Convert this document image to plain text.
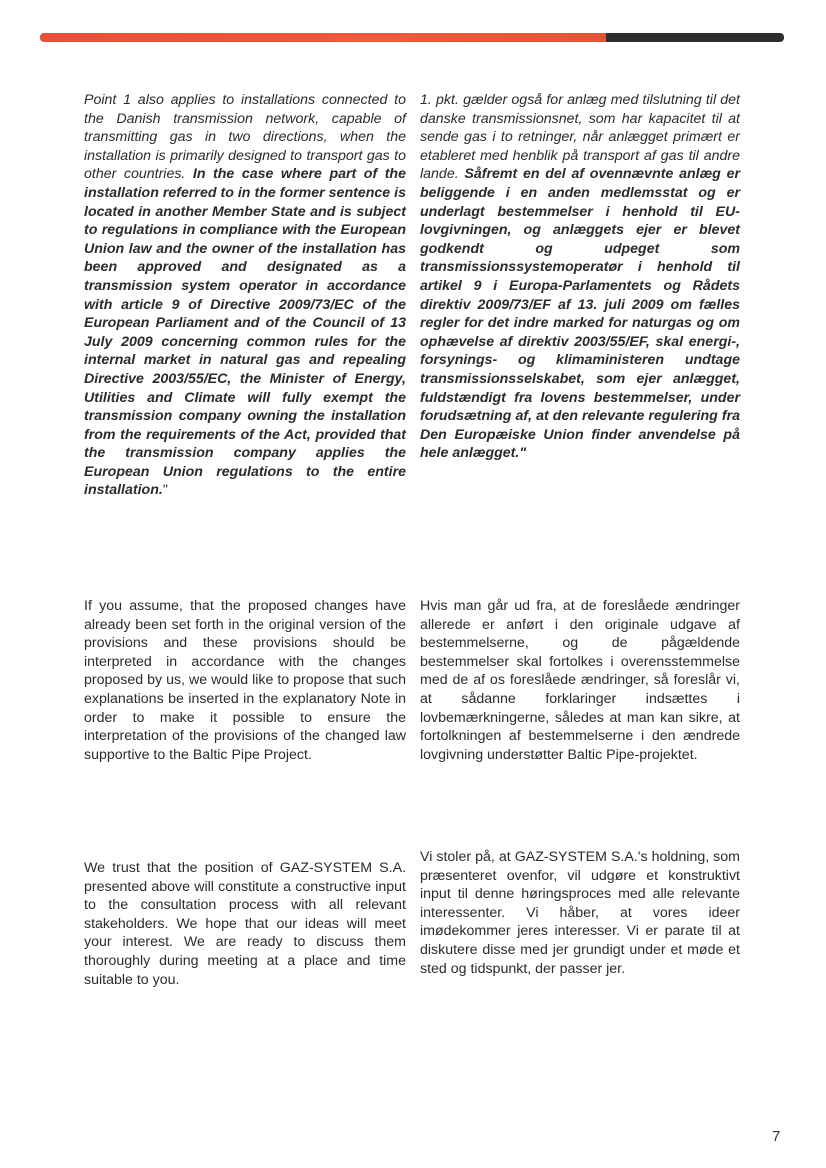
Point 1 also applies to installations connected to the Danish transmission network, capable of transmitting gas in two directions, when the installation is primarily designed to transport gas to other countries. In the case where part of the installation referred to in the former sentence is located in another Member State and is subject to regulations in compliance with the European Union law and the owner of the installation has been approved and designated as a transmission system operator in accordance with article 9 of Directive 2009/73/EC of the European Parliament and of the Council of 13 July 2009 concerning common rules for the internal market in natural gas and repealing Directive 2003/55/EC, the Minister of Energy, Utilities and Climate will fully exempt the transmission company owning the installation from the requirements of the Act, provided that the transmission company applies the European Union regulations to the entire installation."
1. pkt. gælder også for anlæg med tilslutning til det danske transmissionsnet, som har kapacitet til at sende gas i to retninger, når anlægget primært er etableret med henblik på transport af gas til andre lande. Såfremt en del af ovennævnte anlæg er beliggende i en anden medlemsstat og er underlagt bestemmelser i henhold til EU-lovgivningen, og anlæggets ejer er blevet godkendt og udpeget som transmissionssystemoperatør i henhold til artikel 9 i Europa-Parlamentets og Rådets direktiv 2009/73/EF af 13. juli 2009 om fælles regler for det indre marked for naturgas og om ophævelse af direktiv 2003/55/EF, skal energi-, forsynings- og klimaministeren undtage transmissionsselskabet, som ejer anlægget, fuldstændigt fra lovens bestemmelser, under forudsætning af, at den relevante regulering fra Den Europæiske Union finder anvendelse på hele anlægget."
If you assume, that the proposed changes have already been set forth in the original version of the provisions and these provisions should be interpreted in accordance with the changes proposed by us, we would like to propose that such explanations be inserted in the explanatory Note in order to make it possible to ensure the interpretation of the provisions of the changed law supportive to the Baltic Pipe Project.
Hvis man går ud fra, at de foreslåede ændringer allerede er anført i den originale udgave af bestemmelserne, og de pågældende bestemmelser skal fortolkes i overensstemmelse med de af os foreslåede ændringer, så foreslår vi, at sådanne forklaringer indsættes i lovbemærkningerne, således at man kan sikre, at fortolkningen af bestemmelserne i den ændrede lovgivning understøtter Baltic Pipe-projektet.
We trust that the position of GAZ-SYSTEM S.A. presented above will constitute a constructive input to the consultation process with all relevant stakeholders. We hope that our ideas will meet your interest. We are ready to discuss them thoroughly during meeting at a place and time suitable to you.
Vi stoler på, at GAZ-SYSTEM S.A.'s holdning, som præsenteret ovenfor, vil udgøre et konstruktivt input til denne høringsproces med alle relevante interessenter. Vi håber, at vores ideer imødekommer jeres interesser. Vi er parate til at diskutere disse med jer grundigt under et møde et sted og tidspunkt, der passer jer.
7
